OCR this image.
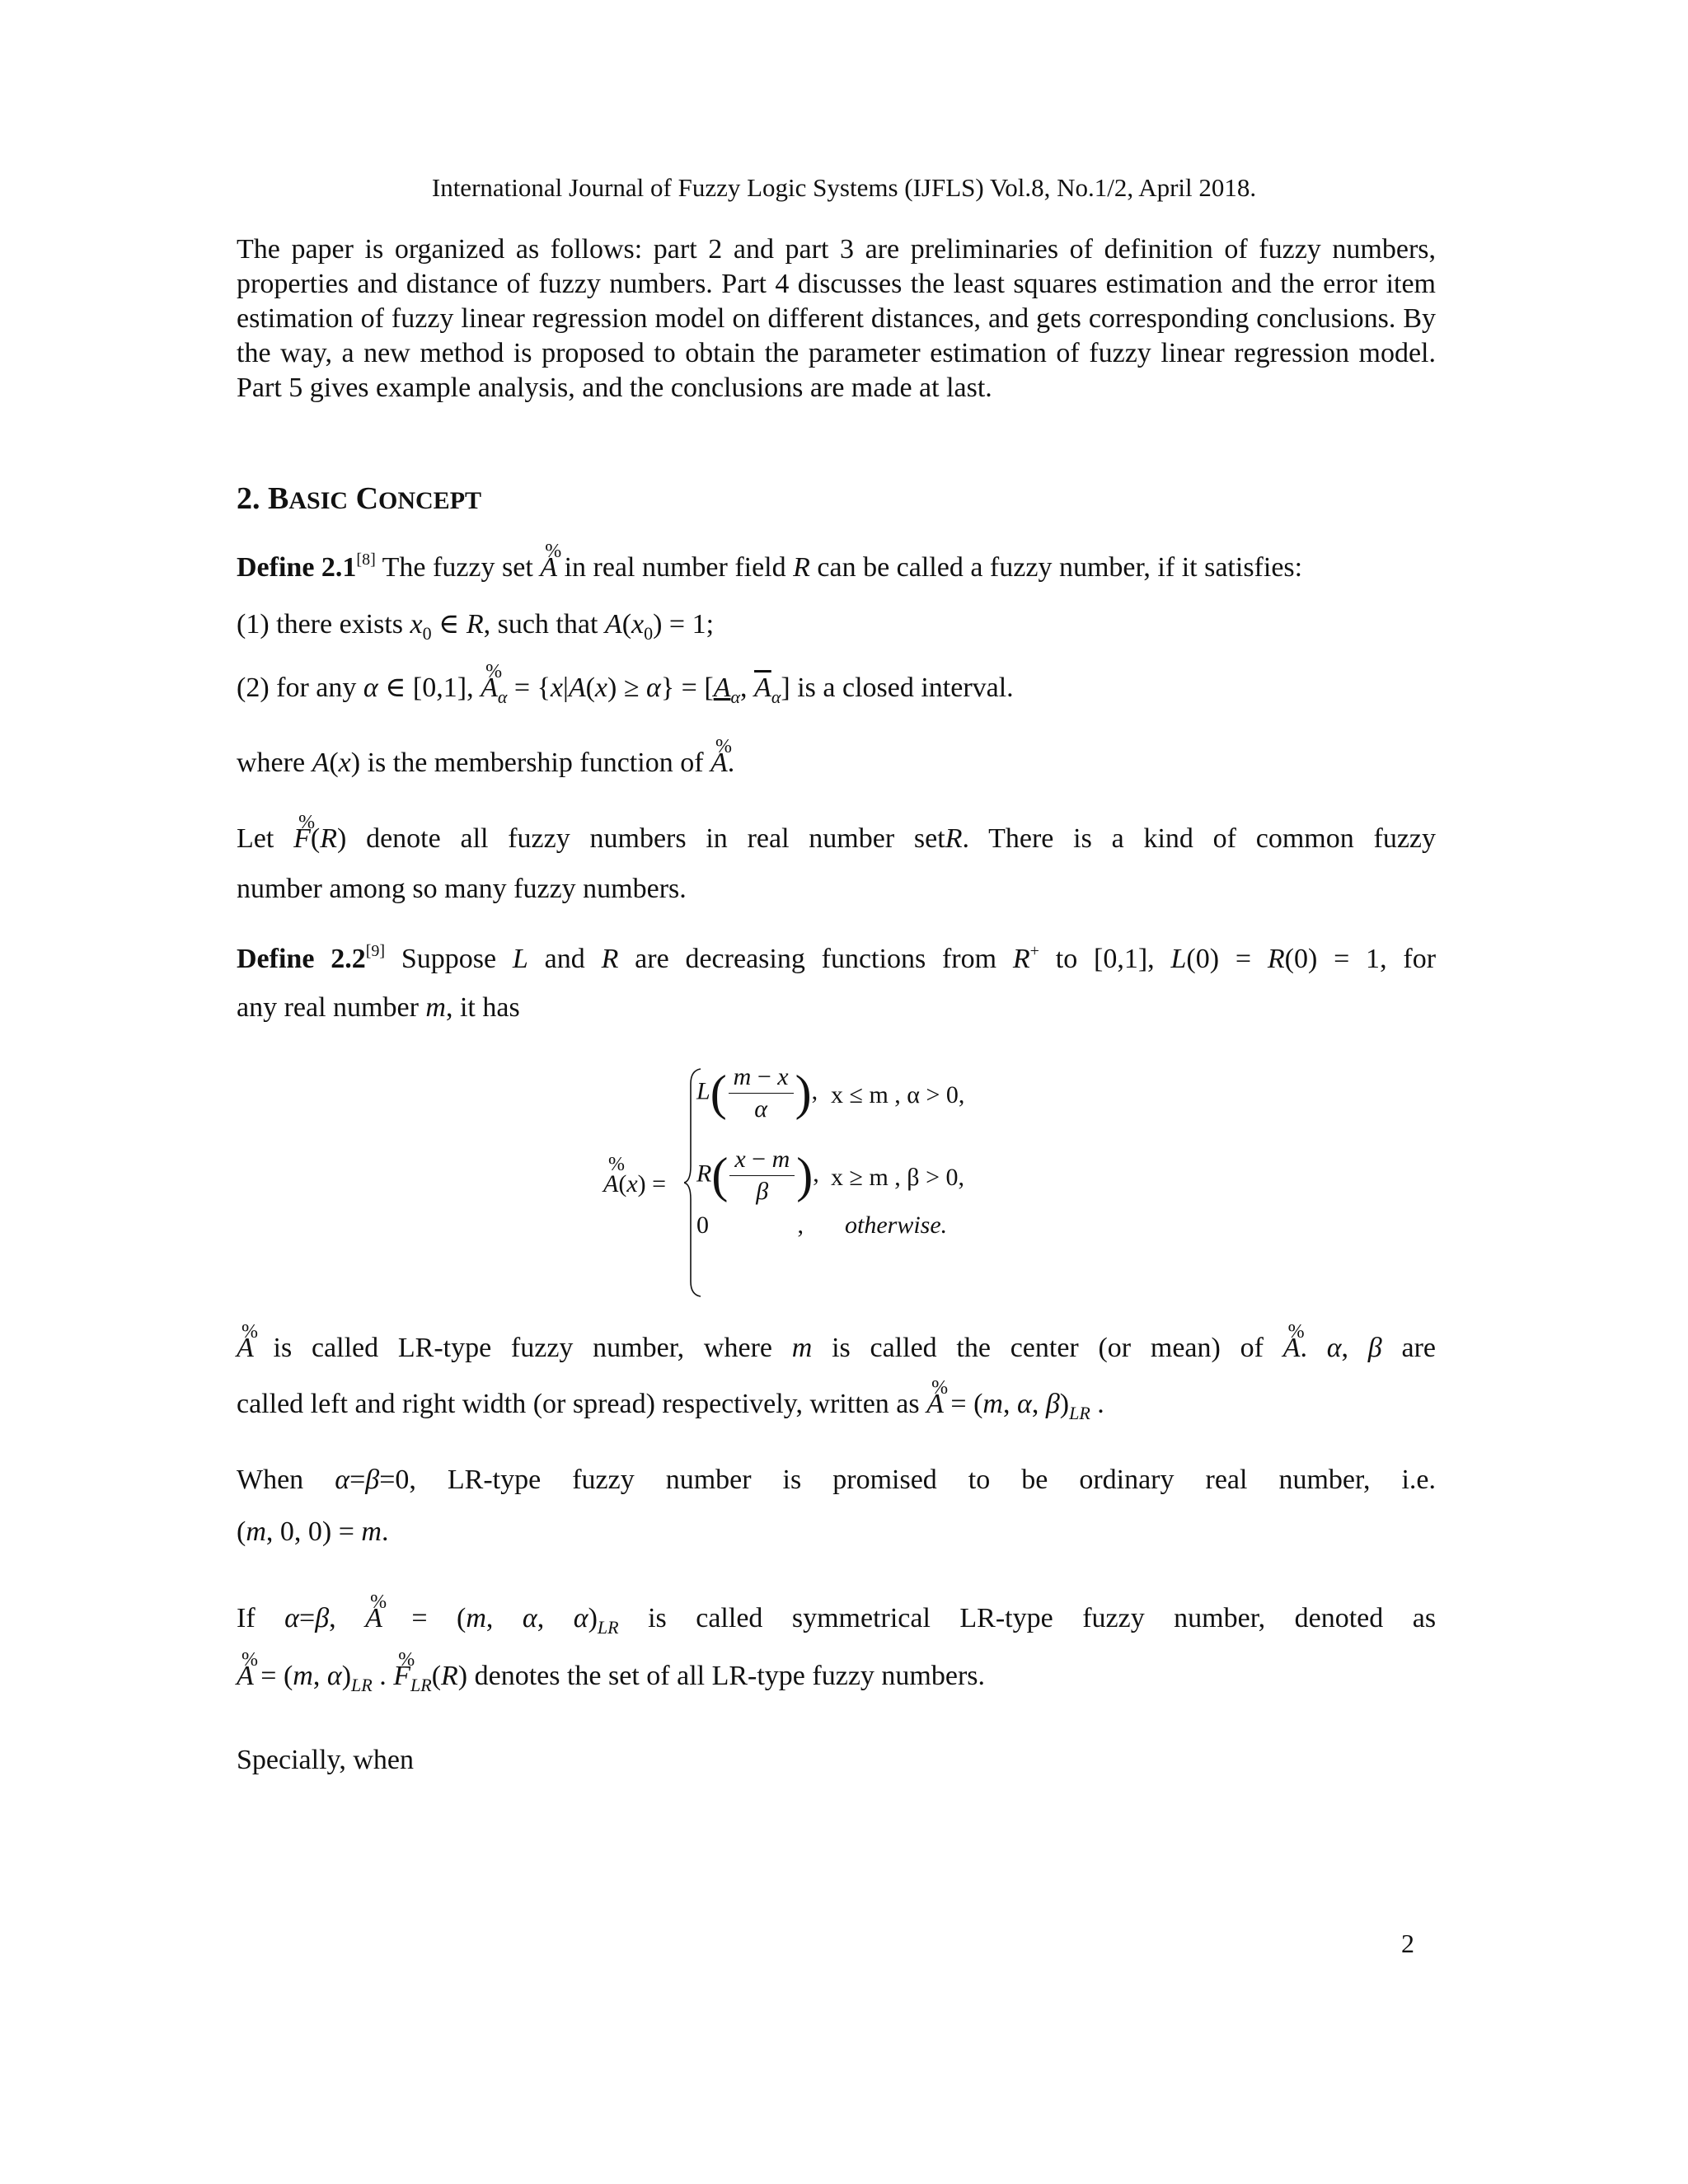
International Journal of Fuzzy Logic Systems (IJFLS) Vol.8, No.1/2, April 2018.
The paper is organized as follows: part 2 and part 3 are preliminaries of definition of fuzzy numbers, properties and distance of fuzzy numbers. Part 4 discusses the least squares estimation and the error item estimation of fuzzy linear regression model on different distances, and gets corresponding conclusions. By the way, a new method is proposed to obtain the parameter estimation of fuzzy linear regression model. Part 5 gives example analysis, and the conclusions are made at last.
2. BASIC CONCEPT
Define 2.1[8] The fuzzy set % A in real number field R can be called a fuzzy number, if it satisfies:
(1) there exists $x_0$ ∈ R, such that $A(x_0) = 1$;
(2) for any α ∈ [0,1], % $A_\alpha = \{x|A(x) \ge \alpha\} = [A_\alpha$, $\overline{A}_\alpha$] is a closed interval.
where A(x) is the membership function of % A.
Let % F(R) denote all fuzzy numbers in real number setR. There is a kind of common fuzzy
number among so many fuzzy numbers.
Define 2.2[9] Suppose L and R are decreasing functions from R+ to [0,1], L(0) = R(0) = 1, for
any real number m, it has
% A(x) =
$L( \frac{m - x}{\alpha}$ ), x ≤ m , α > 0,
$R( \frac{x - m}{\beta}$ ), x ≥ m , β > 0,
0	, otherwise.
% A is called LR-type fuzzy number, where m is called the center (or mean) of % A. α, β are
called left and right width (or spread) respectively, written as % A = (m, α, $\beta)_{LR}$ .
When α=β=0, LR-type fuzzy number is promised to be ordinary real number, i.e.
(m, 0, 0) = m.
If α=β, % A = (m, α, $\alpha)_{LR}$ is called symmetrical LR-type fuzzy number, denoted as
% A = (m, $\alpha)_{LR}$ . % $F_{LR}(R)$ denotes the set of all LR-type fuzzy numbers.
Specially, when
2
